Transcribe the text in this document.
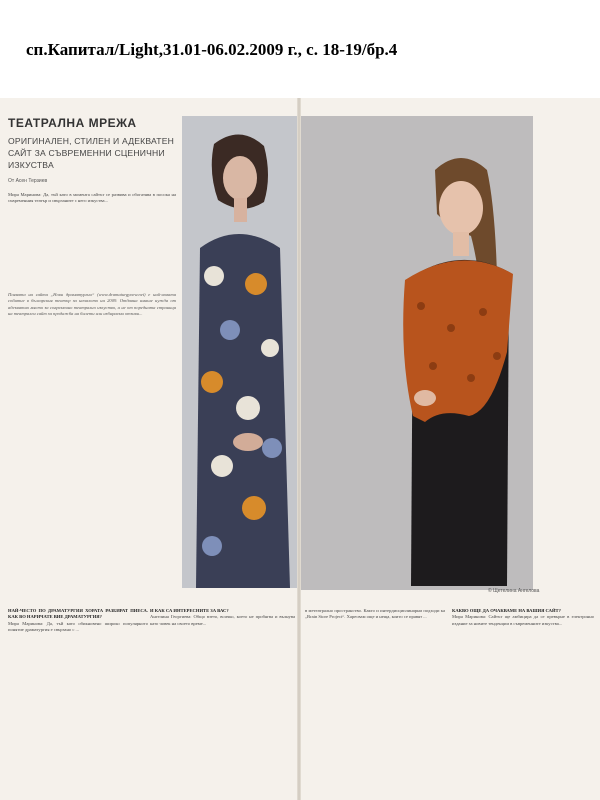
сп.Капитал/Light,31.01-06.02.2009 г., с. 18-19/бр.4
ТЕАТРАЛНА МРЕЖА
ОРИГИНАЛЕН, СТИЛЕН И АДЕКВАТЕН САЙТ ЗА СЪВРЕМЕННИ СЦЕНИЧНИ ИЗКУСТВА
От Асен Терзиев

Мира Маринова: Да, тъй като в момента сайтът се развива и обогатява в посока на съвременния театър и свързаните с него изкуства...

Появата на сайта „Нови драматургии“ (www.dramaturgynew.net) е най-новата събитие в българския театър за началото на 2009. Отдавна имаше нужда от адекватно място за съвременно театрално изкуство, а не от поредната страница на театрален сайт за продажба на билети или избираеми отзиви...

© Щетелина Ангелова
НАЙ-ЧЕСТО ПО ДРАМАТУРГИЯ ХОРАТА РАЗБИРАТ ПИЕСА. КАК ВО НАРИЧАТЕ ВИЕ ДРАМАТУРГИЯ?
Мира Маринова: Да, тъй като обикновено широко популярното понятие драматургия е свързано с ...
И КАК СА ИНТЕРЕСНИТЕ ЗА ВАС?
Ангелина Георгиева: Общо взето, всичко, което не пробягва и вълнува като човек на своето време...
в метеатрално пространство. Както и интердисциплинарни подходи ка „Brain Store Project“. Харесвам още и неща, които се правят ...
КАКВО ОЩЕ ДА ОЧАКВАМЕ НА ВАШИЯ САЙТ?
Мира Маринова: Сайтът ще амбицира да се превърне в електронно издание за новите тенденции в съвременните изкуства...
